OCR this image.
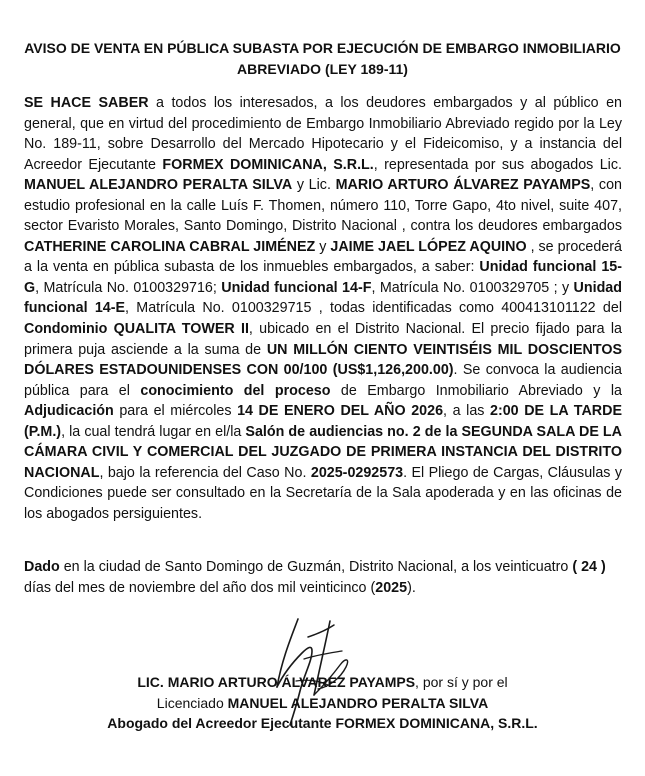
AVISO DE VENTA EN PÚBLICA SUBASTA POR EJECUCIÓN DE EMBARGO INMOBILIARIO
ABREVIADO (LEY 189-11)

SE HACE SABER a todos los interesados, a los deudores embargados y al público en general, que en virtud del procedimiento de Embargo Inmobiliario Abreviado regido por la Ley No. 189-11, sobre Desarrollo del Mercado Hipotecario y el Fideicomiso, y a instancia del Acreedor Ejecutante FORMEX DOMINICANA, S.R.L., representada por sus abogados Lic. MANUEL ALEJANDRO PERALTA SILVA y Lic. MARIO ARTURO ÁLVAREZ PAYAMPS, con estudio profesional en la calle Luís F. Thomen, número 110, Torre Gapo, 4to nivel, suite 407, sector Evaristo Morales, Santo Domingo, Distrito Nacional , contra los deudores embargados CATHERINE CAROLINA CABRAL JIMÉNEZ y JAIME JAEL LÓPEZ AQUINO , se procederá a la venta en pública subasta de los inmuebles embargados, a saber: Unidad funcional 15-G, Matrícula No. 0100329716; Unidad funcional 14-F, Matrícula No. 0100329705 ; y Unidad funcional 14-E, Matrícula No. 0100329715 , todas identificadas como 400413101122 del Condominio QUALITA TOWER II, ubicado en el Distrito Nacional. El precio fijado para la primera puja asciende a la suma de UN MILLÓN CIENTO VEINTISÉIS MIL DOSCIENTOS DÓLARES ESTADOUNIDENSES CON 00/100 (US$1,126,200.00). Se convoca la audiencia pública para el conocimiento del proceso de Embargo Inmobiliario Abreviado y la Adjudicación para el miércoles 14 DE ENERO DEL AÑO 2026, a las 2:00 DE LA TARDE (P.M.), la cual tendrá lugar en el/la Salón de audiencias no. 2 de la SEGUNDA SALA DE LA CÁMARA CIVIL Y COMERCIAL DEL JUZGADO DE PRIMERA INSTANCIA DEL DISTRITO NACIONAL, bajo la referencia del Caso No. 2025-0292573. El Pliego de Cargas, Cláusulas y Condiciones puede ser consultado en la Secretaría de la Sala apoderada y en las oficinas de los abogados persiguientes.

Dado en la ciudad de Santo Domingo de Guzmán, Distrito Nacional, a los veinticuatro ( 24 ) días del mes de noviembre del año dos mil veinticinco (2025).

LIC. MARIO ARTURO ÁLVAREZ PAYAMPS, por sí y por el
Licenciado MANUEL ALEJANDRO PERALTA SILVA
Abogado del Acreedor Ejecutante FORMEX DOMINICANA, S.R.L.
